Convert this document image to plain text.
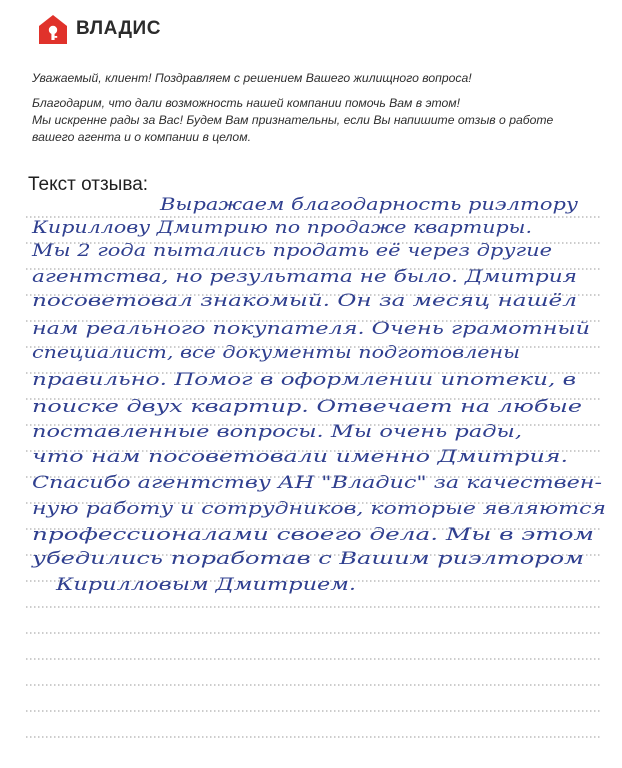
ВЛАДИС

Уважаемый, клиент! Поздравляем с решением Вашего жилищного вопроса!

Благодарим, что дали возможность нашей компании помочь Вам в этом!

Мы искренне рады за Вас! Будем Вам признательны, если Вы напишите отзыв о работе

вашего агента и о компании в целом.

Текст отзыва:
Выражаем благодарность риэлтору
Кириллову Дмитрию по продаже квартиры.
Мы 2 года пытались продать её через другие
агентства, но результата не было. Дмитрия
посоветовал знакомый. Он за месяц нашёл
нам реального покупателя. Очень грамотный
специалист, все документы подготовлены
правильно. Помог в оформлении ипотеки, в
поиске двух квартир. Отвечает на любые
поставленные вопросы. Мы очень рады,
что нам посоветовали именно Дмитрия.
Спасибо агентству АН "Владис" за качествен-
ную работу и сотрудников, которые являются
профессионалами своего дела. Мы в этом
убедились поработав с Вашим риэлтором
Кирилловым Дмитрием.
